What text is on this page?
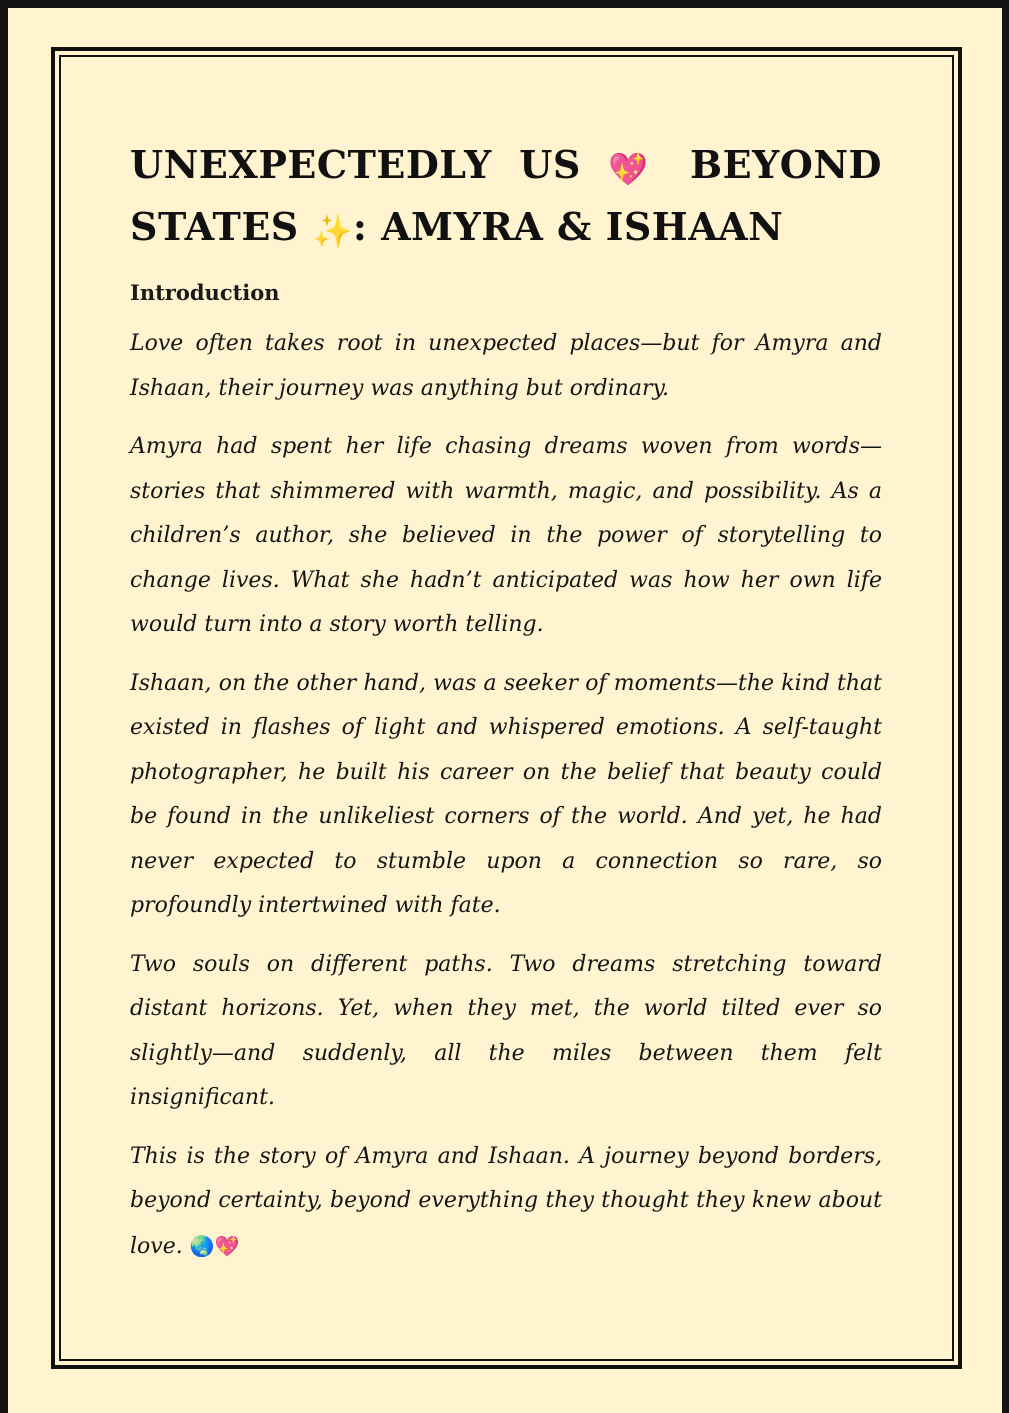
UNEXPECTEDLY US 💖 BEYOND STATES ✨: AMYRA & ISHAAN
Introduction

Love often takes root in unexpected places—but for Amyra and Ishaan, their journey was anything but ordinary.

Amyra had spent her life chasing dreams woven from words—stories that shimmered with warmth, magic, and possibility. As a children’s author, she believed in the power of storytelling to change lives. What she hadn’t anticipated was how her own life would turn into a story worth telling.

Ishaan, on the other hand, was a seeker of moments—the kind that existed in flashes of light and whispered emotions. A self-taught photographer, he built his career on the belief that beauty could be found in the unlikeliest corners of the world. And yet, he had never expected to stumble upon a connection so rare, so profoundly intertwined with fate.

Two souls on different paths. Two dreams stretching toward distant horizons. Yet, when they met, the world tilted ever so slightly—and suddenly, all the miles between them felt insignificant.

This is the story of Amyra and Ishaan. A journey beyond borders, beyond certainty, beyond everything they thought they knew about love. 🌏💖
